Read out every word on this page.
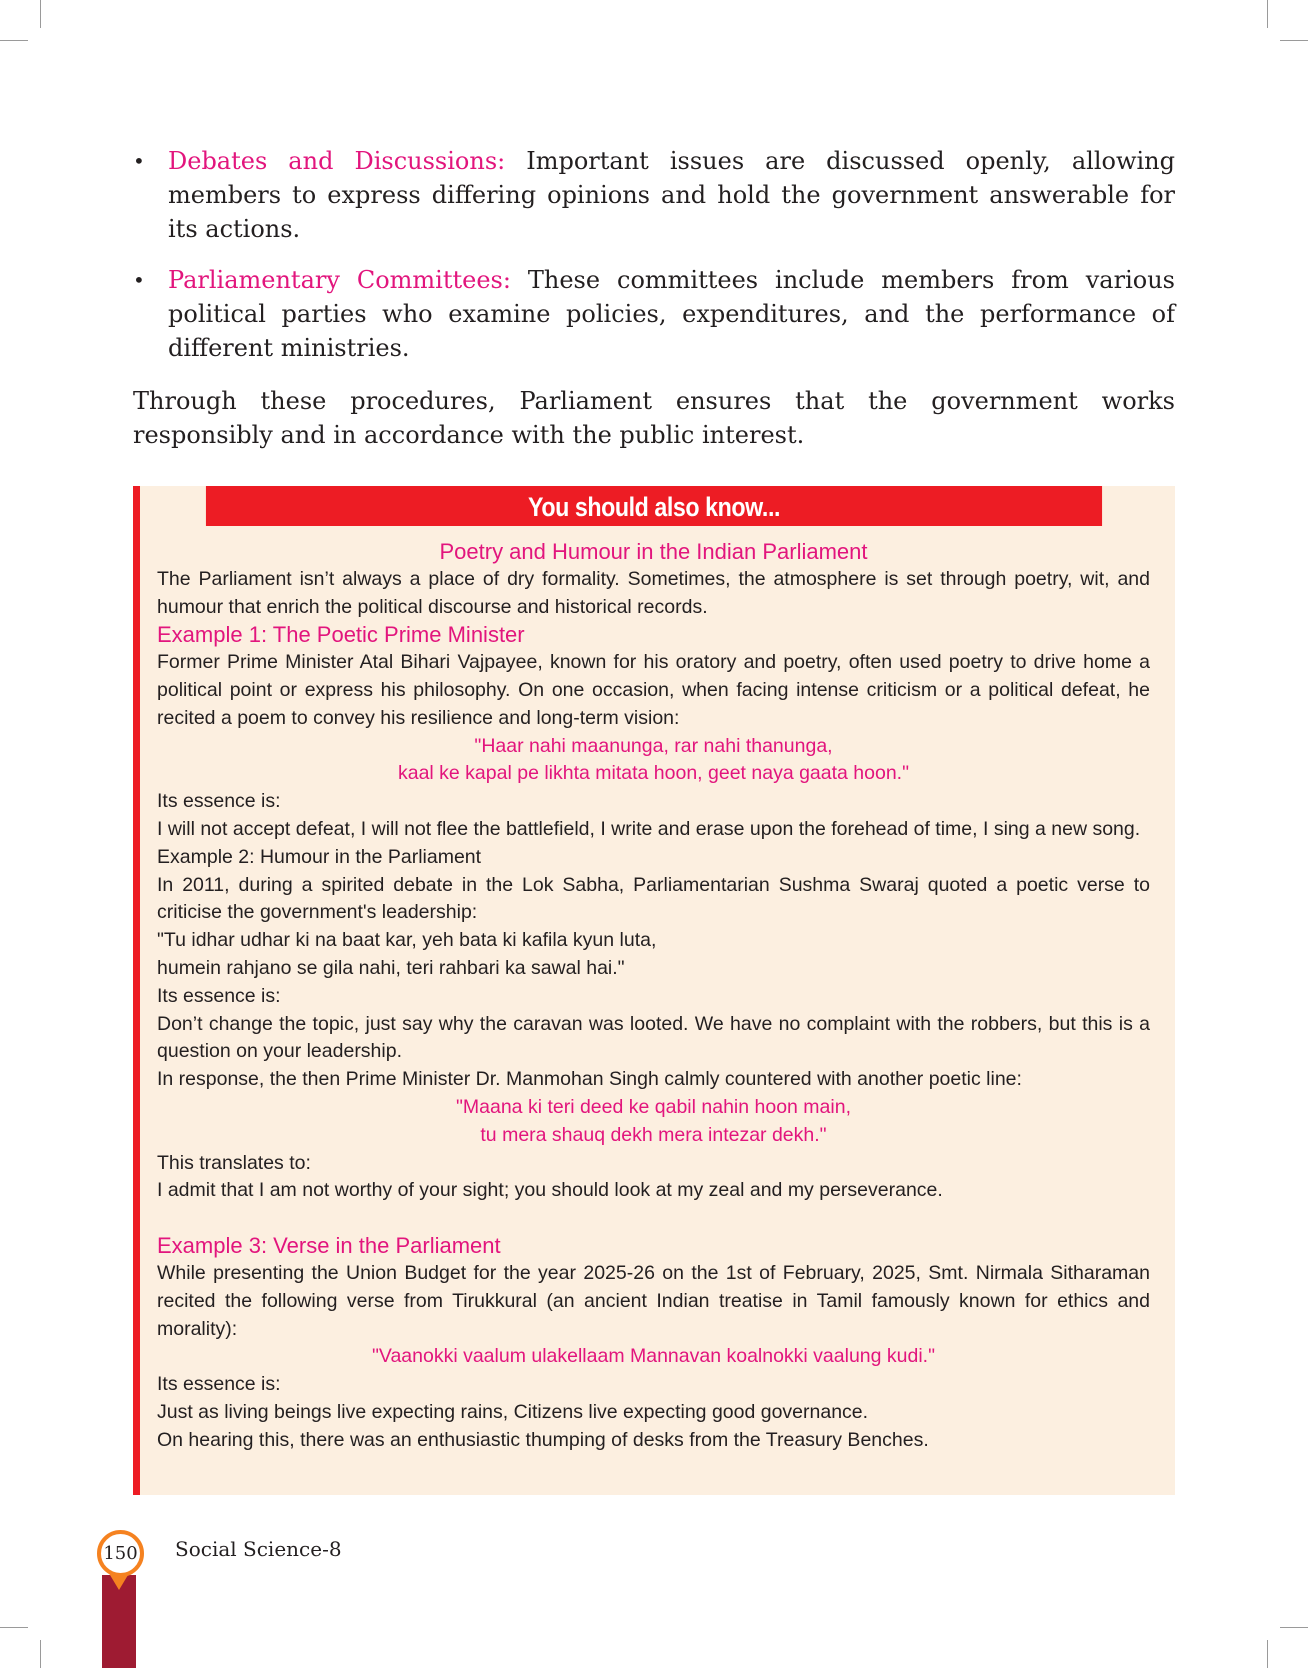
• Debates and Discussions: Important issues are discussed openly, allowing members to express differing opinions and hold the government answerable for its actions.
• Parliamentary Committees: These committees include members from various political parties who examine policies, expenditures, and the performance of different ministries.

Through these procedures, Parliament ensures that the government works responsibly and in accordance with the public interest.

You should also know...

Poetry and Humour in the Indian Parliament

The Parliament isn’t always a place of dry formality. Sometimes, the atmosphere is set through poetry, wit, and humour that enrich the political discourse and historical records.

Example 1: The Poetic Prime Minister

Former Prime Minister Atal Bihari Vajpayee, known for his oratory and poetry, often used poetry to drive home a political point or express his philosophy. On one occasion, when facing intense criticism or a political defeat, he recited a poem to convey his resilience and long-term vision:

"Haar nahi maanunga, rar nahi thanunga,

kaal ke kapal pe likhta mitata hoon, geet naya gaata hoon."

Its essence is:

I will not accept defeat, I will not flee the battlefield, I write and erase upon the forehead of time, I sing a new song.

Example 2: Humour in the Parliament

In 2011, during a spirited debate in the Lok Sabha, Parliamentarian Sushma Swaraj quoted a poetic verse to criticise the government's leadership:

"Tu idhar udhar ki na baat kar, yeh bata ki kafila kyun luta,

humein rahjano se gila nahi, teri rahbari ka sawal hai."

Its essence is:

Don’t change the topic, just say why the caravan was looted. We have no complaint with the robbers, but this is a question on your leadership.

In response, the then Prime Minister Dr. Manmohan Singh calmly countered with another poetic line:

"Maana ki teri deed ke qabil nahin hoon main,

tu mera shauq dekh mera intezar dekh."

This translates to:

I admit that I am not worthy of your sight; you should look at my zeal and my perseverance.

Example 3: Verse in the Parliament

While presenting the Union Budget for the year 2025-26 on the 1st of February, 2025, Smt. Nirmala Sitharaman recited the following verse from Tirukkural (an ancient Indian treatise in Tamil famously known for ethics and morality):

"Vaanokki vaalum ulakellaam Mannavan koalnokki vaalung kudi."

Its essence is:

Just as living beings live expecting rains, Citizens live expecting good governance.

On hearing this, there was an enthusiastic thumping of desks from the Treasury Benches.

150	Social Science-8
